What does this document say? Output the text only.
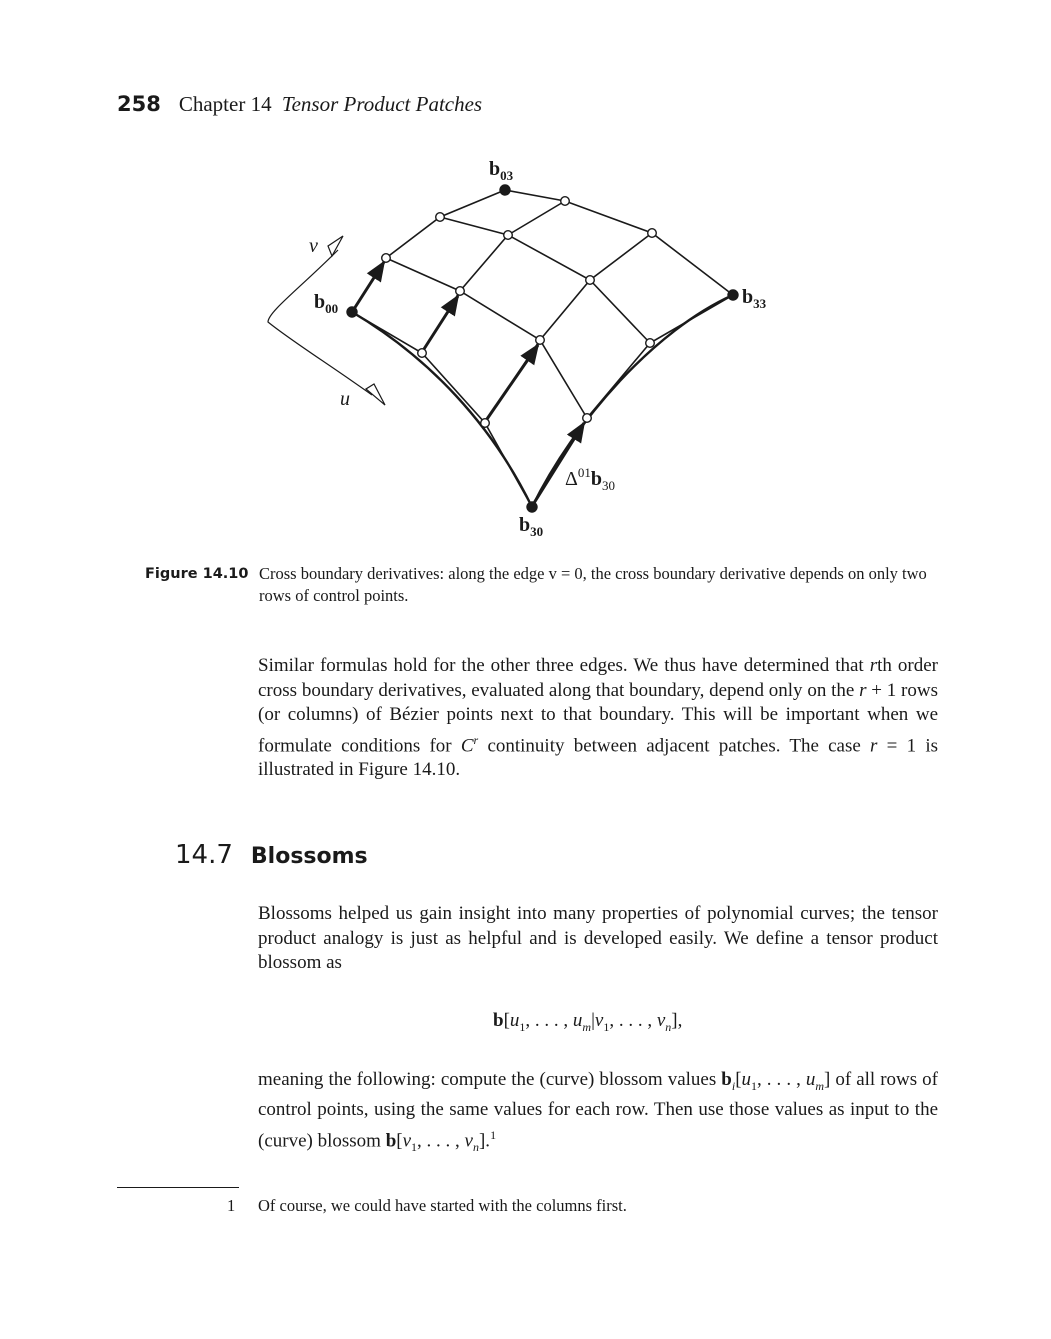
258 Chapter 14 Tensor Product Patches
$b_{03}$
$b_{00}$
$b_{33}$
$b_{30}$
$\Delta^{01}b_{30}$
v
u
Figure 14.10 Cross boundary derivatives: along the edge v = 0, the cross boundary derivative depends on only two rows of control points.

Similar formulas hold for the other three edges. We thus have determined that rth order cross boundary derivatives, evaluated along that boundary, depend only on the r + 1 rows (or columns) of Bézier points next to that boundary. This will be important when we formulate conditions for $C^r$ continuity between adjacent patches. The case r = 1 is illustrated in Figure 14.10.

14.7 Blossoms

Blossoms helped us gain insight into many properties of polynomial curves; the tensor product analogy is just as helpful and is developed easily. We define a tensor product blossom as

$b[u_1$, . . . , $u_m|v_1$, . . . , $v_n$],

meaning the following: compute the (curve) blossom values $b_i[u_1$, . . . , $u_m$] of all rows of control points, using the same values for each row. Then use those values as input to the (curve) blossom $b[v_1$, . . . , $v_n].^1$

1 Of course, we could have started with the columns first.
